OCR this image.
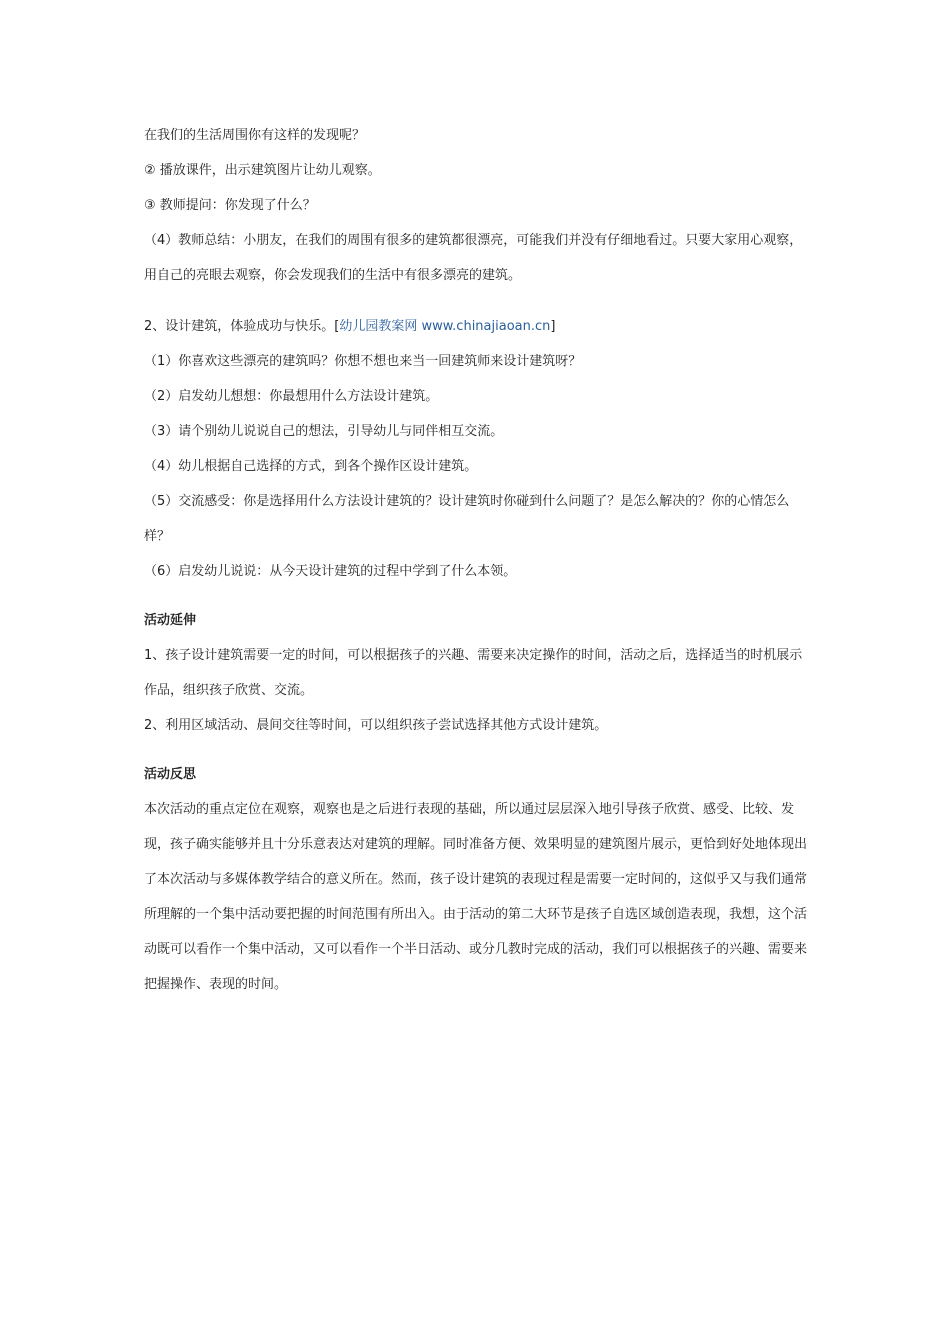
在我们的生活周围你有这样的发现呢？

② 播放课件，出示建筑图片让幼儿观察。

③ 教师提问：你发现了什么？

（4）教师总结：小朋友，在我们的周围有很多的建筑都很漂亮，可能我们并没有仔细地看过。只要大家用心观察，用自己的亮眼去观察，你会发现我们的生活中有很多漂亮的建筑。

2、设计建筑，体验成功与快乐。[幼儿园教案网 www.chinajiaoan.cn]

（1）你喜欢这些漂亮的建筑吗？你想不想也来当一回建筑师来设计建筑呀？

（2）启发幼儿想想：你最想用什么方法设计建筑。

（3）请个别幼儿说说自己的想法，引导幼儿与同伴相互交流。

（4）幼儿根据自己选择的方式，到各个操作区设计建筑。

（5）交流感受：你是选择用什么方法设计建筑的？设计建筑时你碰到什么问题了？是怎么解决的？你的心情怎么样？

（6）启发幼儿说说：从今天设计建筑的过程中学到了什么本领。

活动延伸

1、孩子设计建筑需要一定的时间，可以根据孩子的兴趣、需要来决定操作的时间，活动之后，选择适当的时机展示作品，组织孩子欣赏、交流。

2、利用区域活动、晨间交往等时间，可以组织孩子尝试选择其他方式设计建筑。

活动反思

本次活动的重点定位在观察，观察也是之后进行表现的基础，所以通过层层深入地引导孩子欣赏、感受、比较、发现，孩子确实能够并且十分乐意表达对建筑的理解。同时准备方便、效果明显的建筑图片展示，更恰到好处地体现出了本次活动与多媒体教学结合的意义所在。然而，孩子设计建筑的表现过程是需要一定时间的，这似乎又与我们通常所理解的一个集中活动要把握的时间范围有所出入。由于活动的第二大环节是孩子自选区域创造表现，我想，这个活动既可以看作一个集中活动，又可以看作一个半日活动、或分几教时完成的活动，我们可以根据孩子的兴趣、需要来把握操作、表现的时间。
